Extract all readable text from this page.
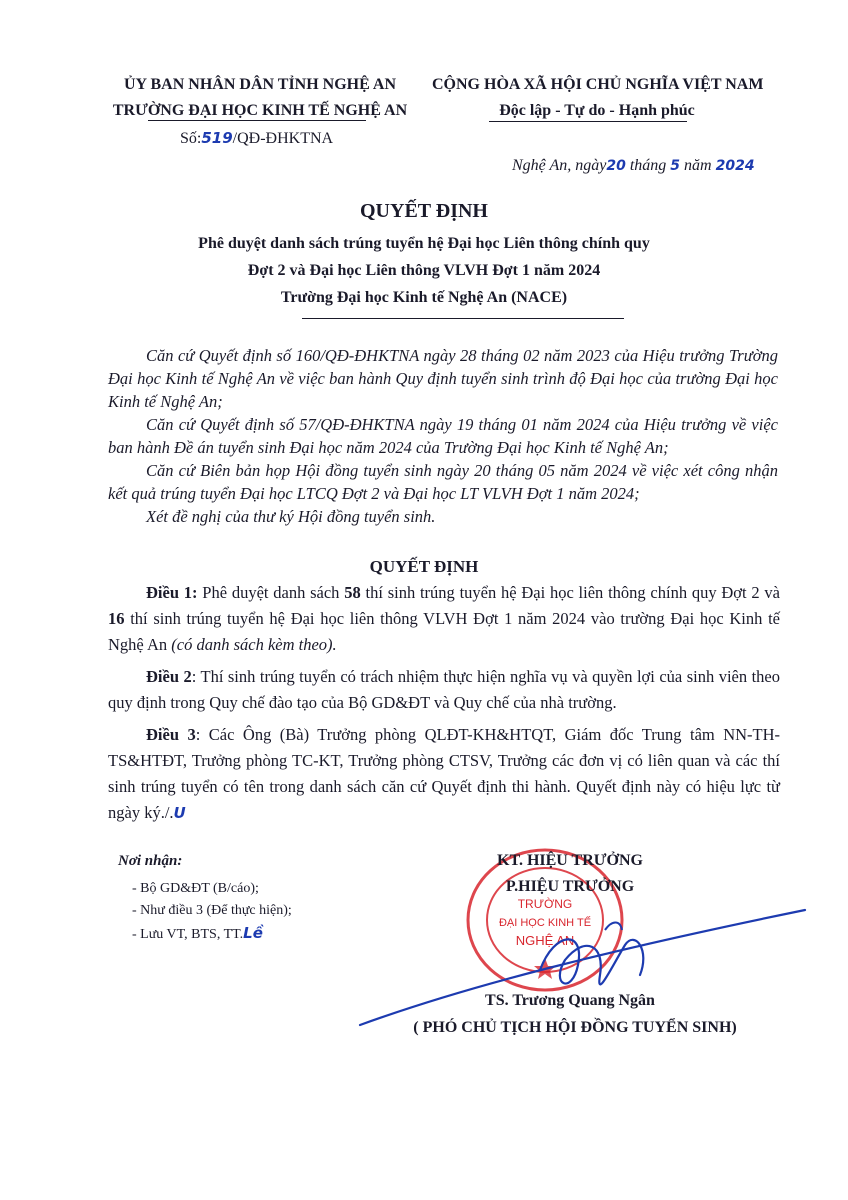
ỦY BAN NHÂN DÂN TỈNH NGHỆ AN
TRƯỜNG ĐẠI HỌC KINH TẾ NGHỆ AN
Số:519/QĐ-ĐHKTNA
CỘNG HÒA XÃ HỘI CHỦ NGHĨA VIỆT NAM
Độc lập - Tự do - Hạnh phúc
Nghệ An, ngày20 tháng 5 năm 2024
QUYẾT ĐỊNH
Phê duyệt danh sách trúng tuyển hệ Đại học Liên thông chính quy
Đợt 2 và Đại học Liên thông VLVH Đợt 1 năm 2024
Trường Đại học Kinh tế Nghệ An (NACE)
Căn cứ Quyết định số 160/QĐ-ĐHKTNA ngày 28 tháng 02 năm 2023 của Hiệu trưởng Trường Đại học Kinh tế Nghệ An về việc ban hành Quy định tuyển sinh trình độ Đại học của trường Đại học Kinh tế Nghệ An;
Căn cứ Quyết định số 57/QĐ-ĐHKTNA ngày 19 tháng 01 năm 2024 của Hiệu trưởng về việc ban hành Đề án tuyển sinh Đại học năm 2024 của Trường Đại học Kinh tế Nghệ An;
Căn cứ Biên bản họp Hội đồng tuyển sinh ngày 20 tháng 05 năm 2024 về việc xét công nhận kết quả trúng tuyển Đại học LTCQ Đợt 2 và Đại học LT VLVH Đợt 1 năm 2024;
Xét đề nghị của thư ký Hội đồng tuyển sinh.
QUYẾT ĐỊNH
Điều 1: Phê duyệt danh sách 58 thí sinh trúng tuyển hệ Đại học liên thông chính quy Đợt 2 và 16 thí sinh trúng tuyển hệ Đại học liên thông VLVH Đợt 1 năm 2024 vào trường Đại học Kinh tế Nghệ An (có danh sách kèm theo).
Điều 2: Thí sinh trúng tuyển có trách nhiệm thực hiện nghĩa vụ và quyền lợi của sinh viên theo quy định trong Quy chế đào tạo của Bộ GD&ĐT và Quy chế của nhà trường.
Điều 3: Các Ông (Bà) Trưởng phòng QLĐT-KH&HTQT, Giám đốc Trung tâm NN-TH-TS&HTĐT, Trưởng phòng TC-KT, Trưởng phòng CTSV, Trưởng các đơn vị có liên quan và các thí sinh trúng tuyển có tên trong danh sách căn cứ Quyết định thi hành. Quyết định này có hiệu lực từ ngày ký./.U
Nơi nhận:
- Bộ GD&ĐT (B/cáo);
- Như điều 3 (Để thực hiện);
- Lưu VT, BTS, TT.Lề
TRƯỜNG
ĐẠI HỌC KINH TẾ
NGHỆ AN
KT. HIỆU TRƯỞNG
P.HIỆU TRƯỞNG
TS. Trương Quang Ngân
( PHÓ CHỦ TỊCH HỘI ĐỒNG TUYỂN SINH)
